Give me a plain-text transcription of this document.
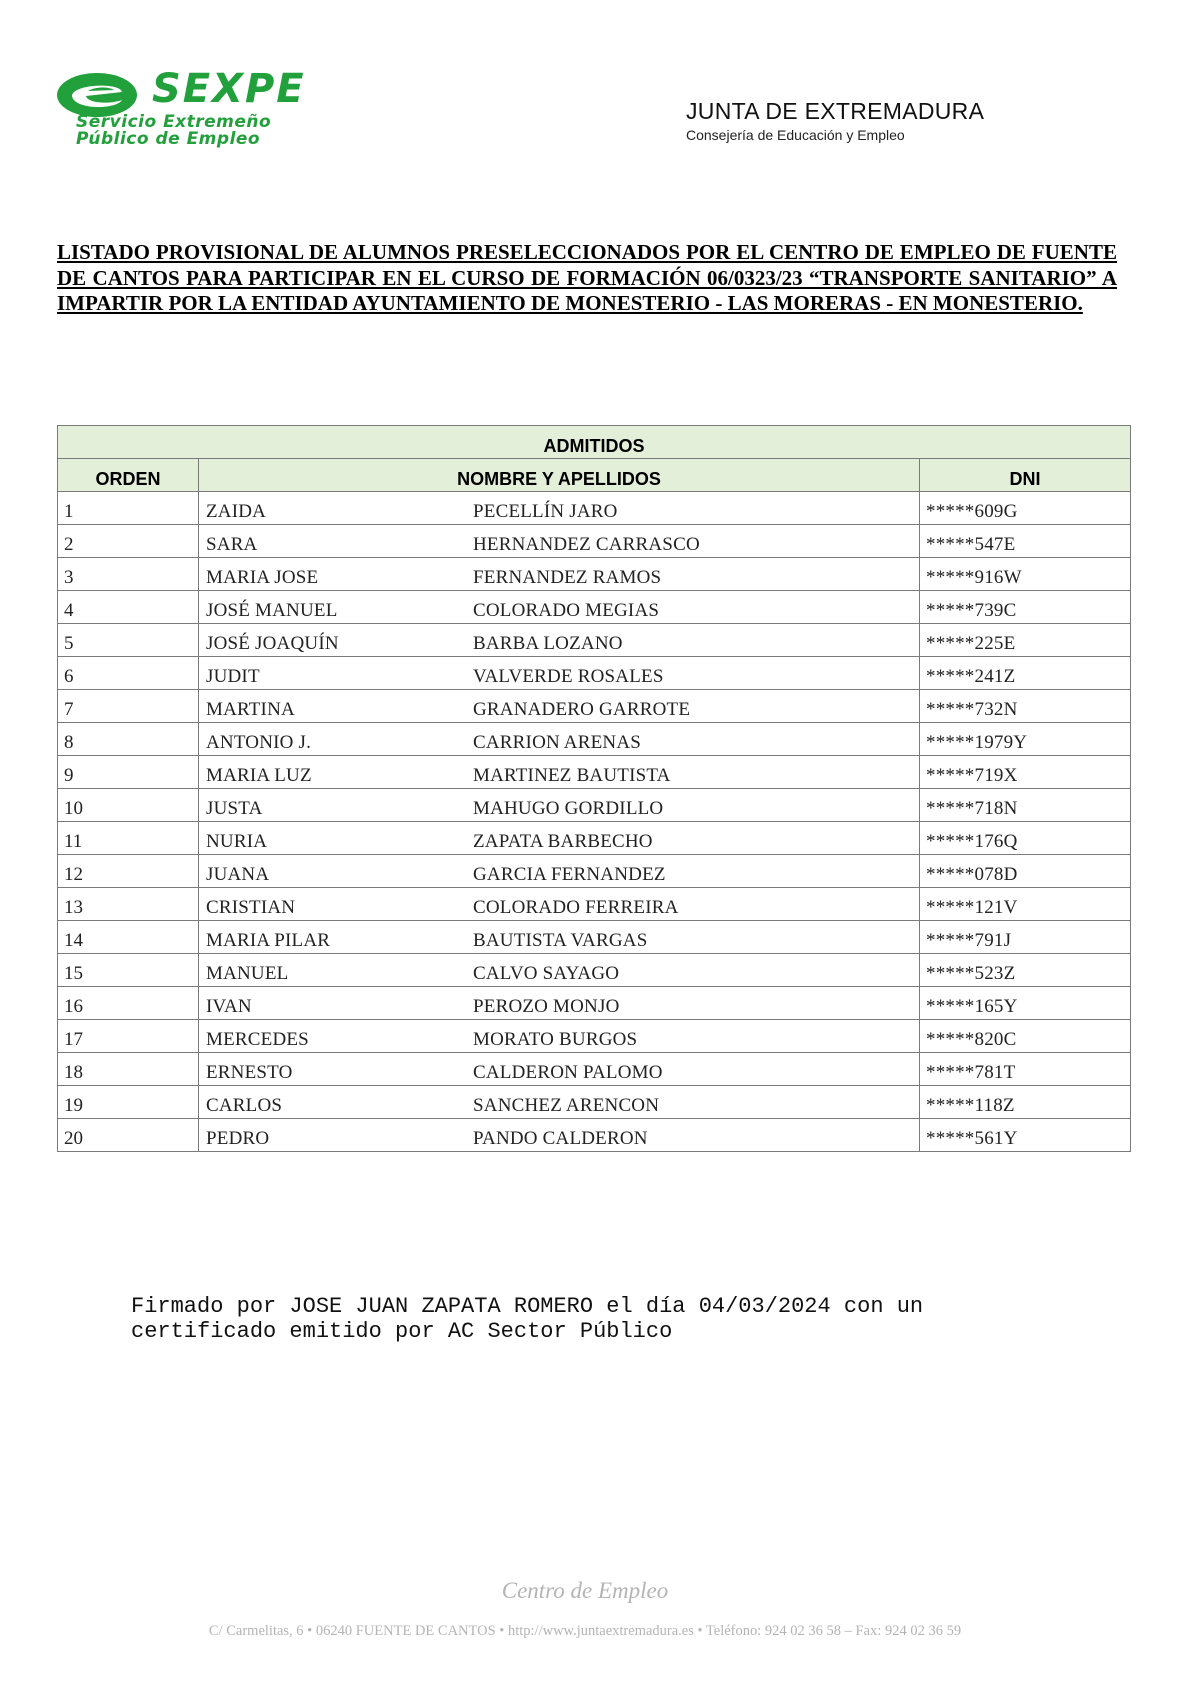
SEXPE
Servicio Extremeño
Público de Empleo
JUNTA DE EXTREMADURA
Consejería de Educación y Empleo
LISTADO PROVISIONAL DE ALUMNOS PRESELECCIONADOS POR EL CENTRO DE EMPLEO DE FUENTE DE CANTOS PARA PARTICIPAR EN EL CURSO DE FORMACIÓN 06/0323/23 “TRANSPORTE SANITARIO” A IMPARTIR POR LA ENTIDAD AYUNTAMIENTO DE MONESTERIO - LAS MORERAS - EN MONESTERIO.
ADMITIDOS		
ORDEN	NOMBRE Y APELLIDOS	DNI
1	ZAIDA PECELLÍN JARO	*****609G
2	SARA HERNANDEZ CARRASCO	*****547E
3	MARIA JOSE FERNANDEZ RAMOS	*****916W
4	JOSÉ MANUEL COLORADO MEGIAS	*****739C
5	JOSÉ JOAQUÍN BARBA LOZANO	*****225E
6	JUDIT VALVERDE ROSALES	*****241Z
7	MARTINA GRANADERO GARROTE	*****732N
8	ANTONIO J. CARRION ARENAS	*****1979Y
9	MARIA LUZ MARTINEZ BAUTISTA	*****719X
10	JUSTA MAHUGO GORDILLO	*****718N
11	NURIA ZAPATA BARBECHO	*****176Q
12	JUANA GARCIA FERNANDEZ	*****078D
13	CRISTIAN COLORADO FERREIRA	*****121V
14	MARIA PILAR BAUTISTA VARGAS	*****791J
15	MANUEL CALVO SAYAGO	*****523Z
16	IVAN PEROZO MONJO	*****165Y
17	MERCEDES MORATO BURGOS	*****820C
18	ERNESTO CALDERON PALOMO	*****781T
19	CARLOS SANCHEZ ARENCON	*****118Z
20	PEDRO PANDO CALDERON	*****561Y
Firmado por JOSE JUAN ZAPATA ROMERO el día 04/03/2024 con un
certificado emitido por AC Sector Público
Centro de Empleo
C/ Carmelitas, 6 • 06240 FUENTE DE CANTOS • http://www.juntaextremadura.es • Teléfono: 924 02 36 58 – Fax: 924 02 36 59
